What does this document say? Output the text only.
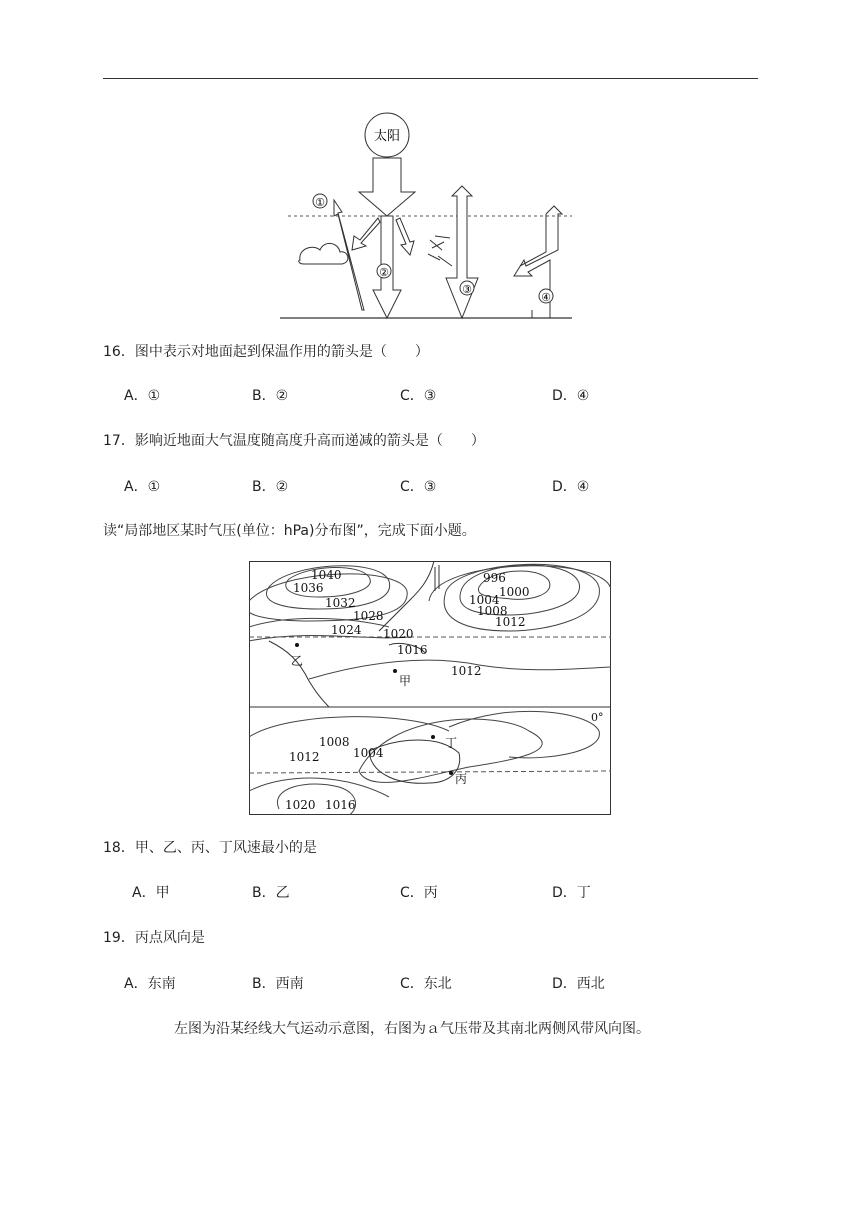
太阳
①
②
③
④
16．图中表示对地面起到保温作用的箭头是（　　）
A．①	B．②	C．③	D．④
17．影响近地面大气温度随高度升高而递减的箭头是（　　）
A．①	B．②	C．③	D．④
读“局部地区某时气压(单位：hPa)分布图”，完成下面小题。
1040
1036
1032
1028
1024 1020
1016
1012
996
1000
1004
1008
1012
1008
1004
1012
1020 1016
甲
乙
丙
丁
0°
18．甲、乙、丙、丁风速最小的是
A．甲	B．乙	C．丙	D．丁
19．丙点风向是
A．东南	B．西南	C．东北	D．西北
左图为沿某经线大气运动示意图，右图为ａ气压带及其南北两侧风带风向图。
